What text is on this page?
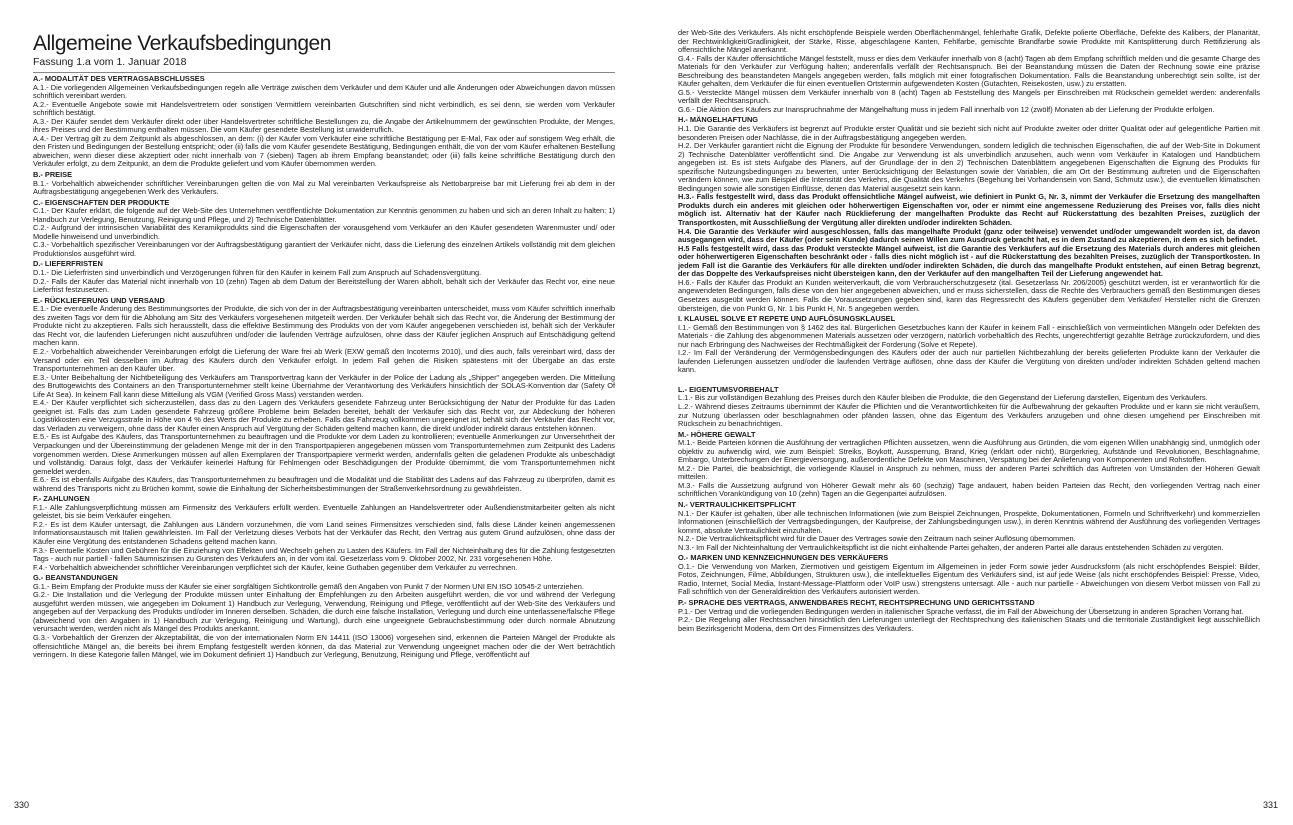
Allgemeine Verkaufsbedingungen
Fassung 1.a vom 1. Januar 2018
A.- MODALITÄT DES VERTRAGSABSCHLUSSES
A.1.- Die vorliegenden Allgemeinen Verkaufsbedingungen regeln alle Verträge zwischen dem Verkäufer und dem Käufer und alle Änderungen oder Abweichungen davon müssen schriftlich vereinbart werden.
A.2.- Eventuelle Angebote sowie mit Handelsvertretern oder sonstigen Vermittlern vereinbarten Gutschriften sind nicht verbindlich, es sei denn, sie werden vom Verkäufer schriftlich bestätigt.
A.3.- Der Käufer sendet dem Verkäufer direkt oder über Handelsvertreter schriftliche Bestellungen zu, die Angabe der Artikelnummern der gewünschten Produkte, der Menges, ihres Preises und der Bestimmung enthalten müssen. Die vom Käufer gesendete Bestellung ist unwiderruflich.
A.4.- Der Vertrag gilt zu dem Zeitpunkt als abgeschlossen, an dem: (i) der Käufer vom Verkäufer eine schriftliche Bestätigung per E-Mal, Fax oder auf sonstigem Weg erhält, die den Fristen und Bedingungen der Bestellung entspricht; oder (ii) falls die vom Käufer gesendete Bestätigung, Bedingungen enthält, die von der vom Käufer erhaltenen Bestellung abweichen, wenn dieser diese akzeptiert oder nicht innerhalb von 7 (sieben) Tagen ab ihrem Empfang beanstandet; oder (iii) falls keine schriftliche Bestätigung durch den Verkäufer erfolgt, zu dem Zeitpunkt, an dem die Produkte geliefert und vom Käufer übernommen werden.
B.- PREISE
B.1.- Vorbehaltlich abweichender schriftlicher Vereinbarungen gelten die von Mal zu Mal vereinbarten Verkaufspreise als Nettobarpreise bar mit Lieferung frei ab dem in der Auftragsbestätigung angegebenen Werk des Verkäufers.
C.- EIGENSCHAFTEN DER PRODUKTE
C.1.- Der Käufer erklärt, die folgende auf der Web-Site des Unternehmen veröffentlichte Dokumentation zur Kenntnis genommen zu haben und sich an deren Inhalt zu halten: 1) Handbuch zur Verlegung, Benutzung, Reinigung und Pflege, und 2) Technische Datenblätter.
C.2.- Aufgrund der intrinsischen Variabilität des Keramikprodukts sind die Eigenschaften der vorausgehend vom Verkäufer an den Käufer gesendeten Warenmuster und/ oder Modelle hinweisend und unverbindlich.
C.3.- Vorbehaltlich spezifischer Vereinbarungen vor der Auftragsbestätigung garantiert der Verkäufer nicht, dass die Lieferung des einzelnen Artikels vollständig mit dem gleichen Produktionslos ausgeführt wird.
D.- LIEFERFRISTEN
D.1.- Die Lieferfristen sind unverbindlich und Verzögerungen führen für den Käufer in keinem Fall zum Anspruch auf Schadensvergütung.
D.2.- Falls der Käufer das Material nicht innerhalb von 10 (zehn) Tagen ab dem Datum der Bereitstellung der Waren abholt, behält sich der Verkäufer das Recht vor, eine neue Lieferfrist festzusetzen.
E.- RÜCKLIEFERUNG UND VERSAND
E.1.- Die eventuelle Änderung des Bestimmungsortes der Produkte, die sich von der in der Auftragsbestätigung vereinbarten unterscheidet, muss vom Käufer schriftlich innerhalb des zweiten Tags vor dem für die Abholung am Sitz des Verkäufers vorgesehenen mitgeteilt werden. Der Verkäufer behält sich das Recht vor, die Änderung der Bestimmung der Produkte nicht zu akzeptieren. Falls sich herausstellt, dass die effektive Bestimmung des Produkts von der vom Käufer angegebenen verschieden ist, behält sich der Verkäufer das Recht vor, die laufenden Lieferungen nicht auszuführen und/oder die laufenden Verträge aufzulösen, ohne dass der Käufer jeglichen Anspruch auf Entschädigung geltend machen kann.
E.2.- Vorbehaltlich abweichender Vereinbarungen erfolgt die Lieferung der Ware frei ab Werk (EXW gemäß den Incoterms 2010), und dies auch, falls vereinbart wird, dass der Versand oder ein Teil desselben im Auftrag des Käufers durch den Verkäufer erfolgt. In jedem Fall gehen die Risiken spätestens mit der Übergabe an das erste Transportunternehmen an den Käufer über.
E.3.- Unter Beibehaltung der Nichtbeteiligung des Verkäufers am Transportvertrag kann der Verkäufer in der Police der Ladung als „Shipper" angegeben werden. Die Mitteilung des Bruttogewichts des Containers an den Transportunternehmer stellt keine Übernahme der Verantwortung des Verkäufers hinsichtlich der SOLAS-Konvention dar (Safety Of Life At Sea). In keinem Fall kann diese Mitteilung als VGM (Verified Gross Mass) verstanden werden.
E.4.- Der Käufer verpflichtet sich sicherzustellen, dass das zu den Lagern des Verkäufers gesendete Fahrzeug unter Berücksichtigung der Natur der Produkte für das Laden geeignet ist. Falls das zum Laden gesendete Fahrzeug größere Probleme beim Beladen bereitet, behält der Verkäufer sich das Recht vor, zur Abdeckung der höheren Logistikkosten eine Verzugsstrafe in Höhe von 4 % des Werts der Produkte zu erheben. Falls das Fahrzeug vollkommen ungeeignet ist, behält sich der Verkäufer das Recht vor, das Verladen zu verweigern, ohne dass der Käufer einen Anspruch auf Vergütung der Schäden geltend machen kann, die direkt und/oder indirekt daraus entstehen können.
E.5.- Es ist Aufgabe des Käufers, das Transportunternehmen zu beauftragen und die Produkte vor dem Laden zu kontrollieren; eventuelle Anmerkungen zur Unversehrtheit der Verpackungen und der Übereinstimmung der geladenen Menge mit der in den Transportpapieren angegebenen müssen vom Transportunternehmen zum Zeitpunkt des Ladens vorgenommen werden. Diese Anmerkungen müssen auf allen Exemplaren der Transportpapiere vermerkt werden, andernfalls gelten die geladenen Produkte als unbeschädigt und vollständig. Daraus folgt, dass der Verkäufer keinerlei Haftung für Fehlmengen oder Beschädigungen der Produkte übernimmt, die vom Transportunternehmen nicht gemeldet werden.
E.6.- Es ist ebenfalls Aufgabe des Käufers, das Transportunternehmen zu beauftragen und die Modalität und die Stabilität des Ladens auf das Fahrzeug zu überprüfen, damit es während des Transports nicht zu Brüchen kommt, sowie die Einhaltung der Sicherheitsbestimmungen der Straßenverkehrsordnung zu gewährleisten.
F.- ZAHLUNGEN
F.1.- Alle Zahlungsverpflichtung müssen am Firmensitz des Verkäufers erfüllt werden. Eventuelle Zahlungen an Handelsvertreter oder Außendienstmitarbeiter gelten als nicht geleistet, bis sie beim Verkäufer eingehen.
F.2.- Es ist dem Käufer untersagt, die Zahlungen aus Ländern vorzunehmen, die vom Land seines Firmensitzes verschieden sind, falls diese Länder keinen angemessenen Informationsaustausch mit Italien gewährleisten. Im Fall der Verletzung dieses Verbots hat der Verkäufer das Recht, den Vertrag aus gutem Grund aufzulösen, ohne dass der Käufer eine Vergütung des entstandenen Schadens geltend machen kann.
F.3.- Eventuelle Kosten und Gebühren für die Einziehung von Effekten und Wechseln gehen zu Lasten des Käufers. Im Fall der Nichteinhaltung des für die Zahlung festgesetzten Tags - auch nur partiell - fallen Säumniszinsen zu Gunsten des Verkäufers an, in der vom ital. Gesetzerlass vom 9. Oktober 2002, Nr. 231 vorgesehenen Höhe.
F.4.- Vorbehaltlich abweichender schriftlicher Vereinbarungen verpflichtet sich der Käufer, keine Guthaben gegenüber dem Verkäufer zu verrechnen.
G.- BEANSTANDUNGEN
G.1.- Beim Empfang der Produkte muss der Käufer sie einer sorgfältigen Sichtkontrolle gemäß den Angaben von Punkt 7 der Normen UNI EN ISO 10545-2 unterziehen.
G.2.- Die Installation und die Verlegung der Produkte müssen unter Einhaltung der Empfehlungen zu den Arbeiten ausgeführt werden, die vor und während der Verlegung ausgeführt werden müssen, wie angegeben im Dokument 1) Handbuch zur Verlegung, Verwendung, Reinigung und Pflege, veröffentlicht auf der Web-Site des Verkäufers und angegeben auf der Verpackung des Produkts und/oder im Inneren derselben. Schäden, die durch eine falsche Installation, Verlegung und durch eine unterlassene/falsche Pflege (abweichend von den Angaben in 1) Handbuch zur Verlegung, Reinigung und Wartung), durch eine ungeeignete Gebrauchsbestimmung oder durch normale Abnutzung verursacht werden, werden nicht als Mängel des Produkts anerkannt.
G.3.- Vorbehaltlich der Grenzen der Akzeptabilität, die von der internationalen Norm EN 14411 (ISO 13006) vorgesehen sind, erkennen die Parteien Mängel der Produkte als offensichtliche Mängel an, die bereits bei ihrem Empfang festgestellt werden können, da das Material zur Verwendung ungeeignet machen oder die der Wert beträchtlich verringern. In diese Kategorie fallen Mängel, wie im Dokument definiert 1) Handbuch zur Verlegung, Benutzung, Reinigung und Pflege, veröffentlicht auf
der Web-Site des Verkäufers. Als nicht erschöpfende Beispiele werden Oberflächenmängel, fehlerhafte Grafik, Defekte polierte Oberfläche, Defekte des Kalibers, der Planarität, der Rechtwinkligkeit/Gradlinigkeit, der Stärke, Risse, abgeschlagene Kanten, Fehlfarbe, gemischte Brandfarbe sowie Produkte mit Kantsplitterung durch Rettifizierung als offensichtliche Mängel anerkannt.
G.4.- Falls der Käufer offensichtliche Mängel feststellt, muss er dies dem Verkäufer innerhalb von 8 (acht) Tagen ab dem Empfang schriftlich melden und die gesamte Charge des Materials für den Verkäufer zur Verfügung halten; anderenfalls verfällt der Rechtsanspruch. Bei der Beanstandung müssen die Daten der Rechnung sowie eine präzise Beschreibung des beanstandeten Mangels angegeben werden, falls möglich mit einer fotografischen Dokumentation. Falls die Beanstandung unberechtigt sein sollte, ist der Käufer gehalten, dem Verkäufer die für einen eventuellen Ortstermin aufgewendeten Kosten (Gutachten, Reisekosten, usw.) zu erstatten.
G.5.- Versteckte Mängel müssen dem Verkäufer innerhalb von 8 (acht) Tagen ab Feststellung des Mangels per Einschreiben mit Rückschein gemeldet werden: anderenfalls verfällt der Rechtsanspruch.
G.6.- Die Aktion des Käufers zur Inanspruchnahme der Mängelhaftung muss in jedem Fall innerhalb von 12 (zwölf) Monaten ab der Lieferung der Produkte erfolgen.
H.- MÄNGELHAFTUNG
H.1. Die Garantie des Verkäufers ist begrenzt auf Produkte erster Qualität und sie bezieht sich nicht auf Produkte zweiter oder dritter Qualität oder auf gelegentliche Partien mit besonderen Preisen oder Nachlässe, die in der Auftragsbestätigung angegeben werden.
H.2. Der Verkäufer garantiert nicht die Eignung der Produkte für besondere Verwendungen, sondern lediglich die technischen Eigenschaften, die auf der Web-Site in Dokument 2) Technische Datenblätter veröffentlicht sind. Die Angabe zur Verwendung ist als unverbindlich anzusehen, auch wenn vom Verkäufer in Katalogen und Handbüchern angegeben ist. Es ist stets Aufgabe des Planers, auf der Grundlage der in den 2) Technischen Datenblättern angegebenen Eigenschaften die Eignung des Produkts für spezifische Nutzungsbedingungen zu bewerten, unter Berücksichtigung der Belastungen sowie der Variablen, die am Ort der Bestimmung auftreten und die Eigenschaften verändern können, wie zum Beispiel die Intensität des Verkehrs, die Qualität des Verkehrs (Begehung bei Vorhandensein von Sand, Schmutz usw.), die eventuellen klimatischen Bedingungen sowie alle sonstigen Einflüsse, denen das Material ausgesetzt sein kann.
H.3.- Falls festgestellt wird, dass das Produkt offensichtliche Mängel aufweist, wie definiert in Punkt G, Nr. 3, nimmt der Verkäufer die Ersetzung des mangelhaften Produkts durch ein anderes mit gleichen oder höherwertigen Eigenschaften vor, oder er nimmt eine angemessene Reduzierung des Preises vor, falls dies nicht möglich ist. Alternativ hat der Käufer nach Rücklieferung der mangelhaften Produkte das Recht auf Rückerstattung des bezahlten Preises, zuzüglich der Transportkosten, mit Ausschließung der Vergütung aller direkten und/oder indirekten Schäden.
H.4. Die Garantie des Verkäufer wird ausgeschlossen, falls das mangelhafte Produkt (ganz oder teilweise) verwendet und/oder umgewandelt worden ist, da davon ausgegangen wird, dass der Käufer (oder sein Kunde) dadurch seinen Willen zum Ausdruck gebracht hat, es in dem Zustand zu akzeptieren, in dem es sich befindet.
H.5 Falls festgestellt wird, dass das Produkt versteckte Mängel aufweist, ist die Garantie des Verkäufers auf die Ersetzung des Materials durch anderes mit gleichen oder höherwertigeren Eigenschaften beschränkt oder - falls dies nicht möglich ist - auf die Rückerstattung des bezahlten Preises, zuzüglich der Transportkosten. In jedem Fall ist die Garantie des Verkäufers für alle direkten und/oder indirekten Schäden, die durch das mangelhafte Produkt entstehen, auf einen Betrag begrenzt, der das Doppelte des Verkaufspreises nicht übersteigen kann, den der Verkäufer auf den mangelhaften Teil der Lieferung angewendet hat.
H.6.- Falls der Käufer das Produkt an Kunden weiterverkauft, die vom Verbraucherschutzgesetz (ital. Gesetzerlass Nr. 206/2005) geschützt werden, ist er verantwortlich für die angewendeten Bedingungen, falls diese von den hier angegebenen abweichen, und er muss sicherstellen, dass die Rechte des Verbrauchers gemäß den Bestimmungen dieses Gesetzes ausgeübt werden können. Falls die Voraussetzungen gegeben sind, kann das Regressrecht des Käufers gegenüber dem Verkäufer/ Hersteller nicht die Grenzen übersteigen, die von Punkt G, Nr. 1 bis Punkt H, Nr. 5 angegeben werden.
I. KLAUSEL SOLVE ET REPETE UND AUFLÖSUNGSKLAUSEL
I.1.- Gemäß den Bestimmungen von § 1462 des ital. Bürgerlichen Gesetzbuches kann der Käufer in keinem Fall - einschließlich von vermeintlichen Mängeln oder Defekten des Materials - die Zahlung des abgenommenen Materials aussetzen oder verzögern, natürlich vorbehaltlich des Rechts, ungerechtfertigt gezahlte Beträge zurückzufordern, und dies nur nach Erbringung des Nachweises der Rechtmäßigkeit der Forderung (Solve et Repete).
I.2.- Im Fall der Veränderung der Vermögensbedingungen des Käufers oder der auch nur partiellen Nichtbezahlung der bereits gelieferten Produkte kann der Verkäufer die laufenden Lieferungen aussetzen und/oder die laufenden Verträge auflösen, ohne dass der Käufer die Vergütung von direkten und/oder indirekten Schäden geltend machen kann.
L.- EIGENTUMSVORBEHALT
L.1.- Bis zur vollständigen Bezahlung des Preises durch den Käufer bleiben die Produkte, die den Gegenstand der Lieferung darstellen, Eigentum des Verkäufers.
L.2.- Während dieses Zeitraums übernimmt der Käufer die Pflichten und die Verantwortlichkeiten für die Aufbewahrung der gekauften Produkte und er kann sie nicht veräußern, zur Nutzung überlassen oder beschlagnahmen oder pfänden lassen, ohne das Eigentum des Verkäufers anzugeben und ohne diesen umgehend per Einschreiben mit Rückschein zu benachrichtigen.
M.- HÖHERE GEWALT
M.1.- Beide Parteien können die Ausführung der vertraglichen Pflichten aussetzen, wenn die Ausführung aus Gründen, die vom eigenen Willen unabhängig sind, unmöglich oder objektiv zu aufwendig wird, wie zum Beispiel: Streiks, Boykott, Aussperrung, Brand, Krieg (erklärt oder nicht), Bürgerkrieg, Aufstände und Revolutionen, Beschlagnahme, Embargo, Unterbrechungen der Energieversorgung, außerordentliche Defekte von Maschinen, Verspätung bei der Anlieferung von Komponenten und Rohstoffen.
M.2.- Die Partei, die beabsichtigt, die vorliegende Klausel in Anspruch zu nehmen, muss der anderen Partei schriftlich das Auftreten von Umständen der Höheren Gewalt mitteilen.
M.3.- Falls die Aussetzung aufgrund von Höherer Gewalt mehr als 60 (sechzig) Tage andauert, haben beiden Parteien das Recht, den vorliegenden Vertrag nach einer schriftlichen Vorankündigung von 10 (zehn) Tagen an die Gegenpartei aufzulösen.
N.- VERTRAULICHKEITSPFLICHT
N.1.- Der Käufer ist gehalten, über alle technischen Informationen (wie zum Beispiel Zeichnungen, Prospekte, Dokumentationen, Formeln und Schriftverkehr) und kommerziellen Informationen (einschließlich der Vertragsbedingungen, der Kaufpreise, der Zahlungsbedingungen usw.), in deren Kenntnis während der Ausführung des vorliegenden Vertrages kommt, absolute Vertraulichkeit einzuhalten.
N.2.- Die Vertraulichkeitspflicht wird für die Dauer des Vertrages sowie den Zeitraum nach seiner Auflösung übernommen.
N.3.- Im Fall der Nichteinhaltung der Vertraulichkeitspflicht ist die nicht einhaltende Partei gehalten, der anderen Partei alle daraus entstehenden Schäden zu vergüten.
O.- MARKEN UND KENNZEICHNUNGEN DES VERKÄUFERS
O.1.- Die Verwendung von Marken, Ziermotiven und geistigem Eigentum im Allgemeinen in jeder Form sowie jeder Ausdrucksform (als nicht erschöpfendes Beispiel: Bilder, Fotos, Zeichnungen, Filme, Abbildungen, Strukturen usw.), die intellektuelles Eigentum des Verkäufers sind, ist auf jede Weise (als nicht erschöpfendes Beispiel: Presse, Video, Radio, Internet, Social Media, Instant-Message-Plattform oder VoIP usw.) strengstens untersagt. Alle - auch nur partielle - Abweichungen von diesem Verbot müssen von Fall zu Fall schriftlich von der Generaldirektion des Verkäufers autorisiert werden.
P.- SPRACHE DES VERTRAGS, ANWENDBARES RECHT, RECHTSPRECHUNG UND GERICHTSSTAND
P.1.- Der Vertrag und die vorliegenden Bedingungen werden in italienischer Sprache verfasst, die im Fall der Abweichung der Übersetzung in anderen Sprachen Vorrang hat.
P.2.- Die Regelung aller Rechtssachen hinsichtlich den Lieferungen unterliegt der Rechtsprechung des italienischen Staats und die territoriale Zuständigkeit liegt ausschließlich beim Bezirksgericht Modena, dem Ort des Firmensitzes des Verkäufers.
330	331
